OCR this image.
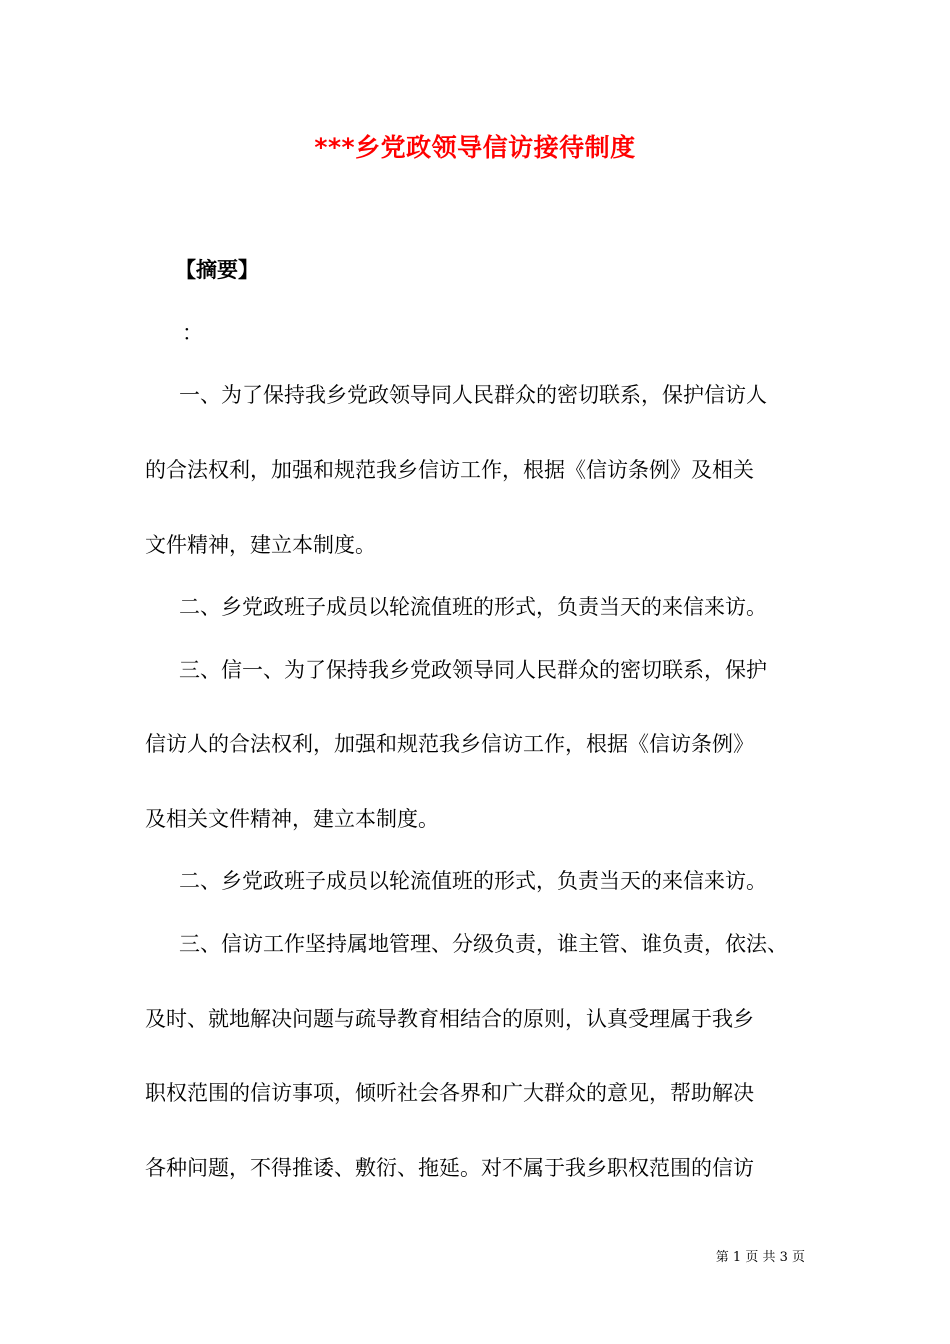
***乡党政领导信访接待制度
【摘要】
：
一、为了保持我乡党政领导同人民群众的密切联系，保护信访人
的合法权利，加强和规范我乡信访工作，根据《信访条例》及相关
文件精神，建立本制度。
二、乡党政班子成员以轮流值班的形式，负责当天的来信来访。
三、信一、为了保持我乡党政领导同人民群众的密切联系，保护
信访人的合法权利，加强和规范我乡信访工作，根据《信访条例》
及相关文件精神，建立本制度。
二、乡党政班子成员以轮流值班的形式，负责当天的来信来访。
三、信访工作坚持属地管理、分级负责，谁主管、谁负责，依法、
及时、就地解决问题与疏导教育相结合的原则，认真受理属于我乡
职权范围的信访事项，倾听社会各界和广大群众的意见，帮助解决
各种问题，不得推诿、敷衍、拖延。对不属于我乡职权范围的信访
第 1 页 共 3 页
